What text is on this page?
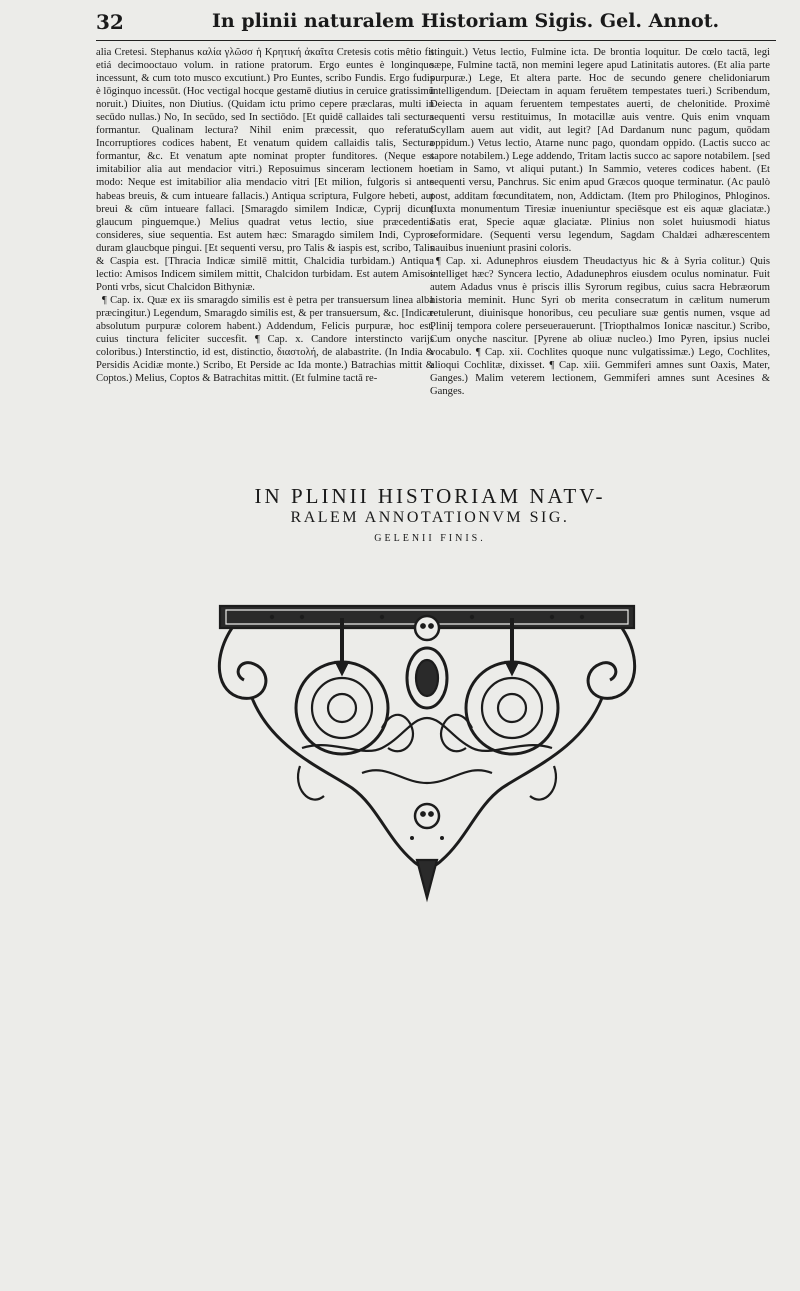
32	In plinii naturalem Historiam Sigis. Gel. Annot.

alia Cretesi. Stephanus καλία γλῶσσ ἡ Κρητική ἀκαῖτα Cretesis cotis mêtio fit etiá decimooctauo volum. in ratione pratorum. Ergo euntes è longinquo incessunt, & cum toto musco excutiunt.) Pro Euntes, scribo Fundis. Ergo fudis è lōginquo incessūt. (Hoc vectigal hocque gestamē diutius in ceruice gratissimū noruit.) Diuites, non Diutius. (Quidam ictu primo cepere præclaras, multi in secūdo nullas.) No, In secūdo, sed In sectiōdo. [Et quidē callaides tali sectura formantur. Qualinam lectura? Nihil enim præcessit, quo referatur. Incorruptiores codices habent, Et venatum quidem callaidis talis, Sectura formantur, &c. Et venatum apte nominat propter funditores. (Neque est imitabilior alia aut mendacior vitri.) Reposuimus sinceram lectionem hoc modo: Neque est imitabilior alia mendacio vitri [Et milion, fulgoris si ante habeas breuis, & cum intueare fallacis.) Antiqua scriptura, Fulgore hebeti, aut breui & cūm intueare fallaci. [Smaragdo similem Indicæ, Cyprij dicunt glaucum pinguemque.) Melius quadrat vetus lectio, siue præcedentia consideres, siue sequentia. Est autem hæc: Smaragdo similem Indi, Cypros duram glaucbque pingui. [Et sequenti versu, pro Talis & iaspis est, scribo, Talis & Caspia est. [Thracia Indicæ similē mittit, Chalcidia turbidam.) Antiqua lectio: Amisos Indicem similem mittit, Chalcidon turbidam. Est autem Amisos Ponti vrbs, sicut Chalcidon Bithyniæ.

¶ Cap. ix. Quæ ex iis smaragdo similis est è petra per transuersum linea alba præcingitur.) Legendum, Smaragdo similis est, & per transuersum, &c. [Indicæ absolutum purpuræ colorem habent.) Addendum, Felicis purpuræ, hoc est, cuius tinctura feliciter succesfit. ¶ Cap. x. Candore interstincto varijs coloribus.) Interstinctio, id est, distinctio, διαστολή, de alabastrite. (In India & Persidis Acidiæ monte.) Scribo, Et Perside ac Ida monte.) Batrachias mittit & Coptos.) Melius, Coptos & Batrachitas mittit. (Et fulmine tactā re-

stinguit.) Vetus lectio, Fulmine icta. De brontia loquitur. De cœlo tactā, legi sæpe, Fulmine tactā, non memini legere apud Latinitatis autores. (Et alia parte purpuræ.) Lege, Et altera parte. Hoc de secundo genere chelidoniarum intelligendum. [Deiectam in aquam feruētem tempestates tueri.) Scribendum, Deiecta in aquam feruentem tempestates auerti, de chelonitide. Proximè sequenti versu restituimus, In motacillæ auis ventre. Quis enim vnquam Scyllam auem aut vidit, aut legit? [Ad Dardanum nunc pagum, quōdam oppidum.) Vetus lectio, Atarne nunc pago, quondam oppido. (Lactis succo ac sapore notabilem.) Lege addendo, Tritam lactis succo ac sapore notabilem. [sed etiam in Samo, vt aliqui putant.) In Sammio, veteres codices habent. (Et sequenti versu, Panchrus. Sic enim apud Græcos quoque terminatur. (Ac paulò post, additam fœcunditatem, non, Addictam. (Item pro Philoginos, Phloginos. (Iuxta monumentum Tiresiæ inueniuntur speciēsque est eis aquæ glaciatæ.) Satis erat, Specie aquæ glaciatæ. Plinius non solet huiusmodi hiatus reformidare. (Sequenti versu legendum, Sagdam Chaldæi adhærescentem nauibus inueniunt prasini coloris.

¶ Cap. xi. Adunephros eiusdem Theudactyus hic & à Syria colitur.) Quis intelliget hæc? Syncera lectio, Adadunephros eiusdem oculus nominatur. Fuit autem Adadus vnus è priscis illis Syrorum regibus, cuius sacra Hebræorum historia meminit. Hunc Syri ob merita consecratum in cælitum numerum retulerunt, diuinisque honoribus, ceu peculiare suæ gentis numen, vsque ad Plinij tempora colere perseuerauerunt. [Triopthalmos Ionicæ nascitur.) Scribo, Cum onyche nascitur. [Pyrene ab oliuæ nucleo.) Imo Pyren, ipsius nuclei vocabulo. ¶ Cap. xii. Cochlites quoque nunc vulgatissimæ.) Lego, Cochlites, alioqui Cochlitæ, dixisset. ¶ Cap. xiii. Gemmiferi amnes sunt Oaxis, Mater, Ganges.) Malim veterem lectionem, Gemmiferi amnes sunt Acesines & Ganges.

IN PLINII HISTORIAM NATV-
RALEM ANNOTATIONVM SIG.
GELENII FINIS.
